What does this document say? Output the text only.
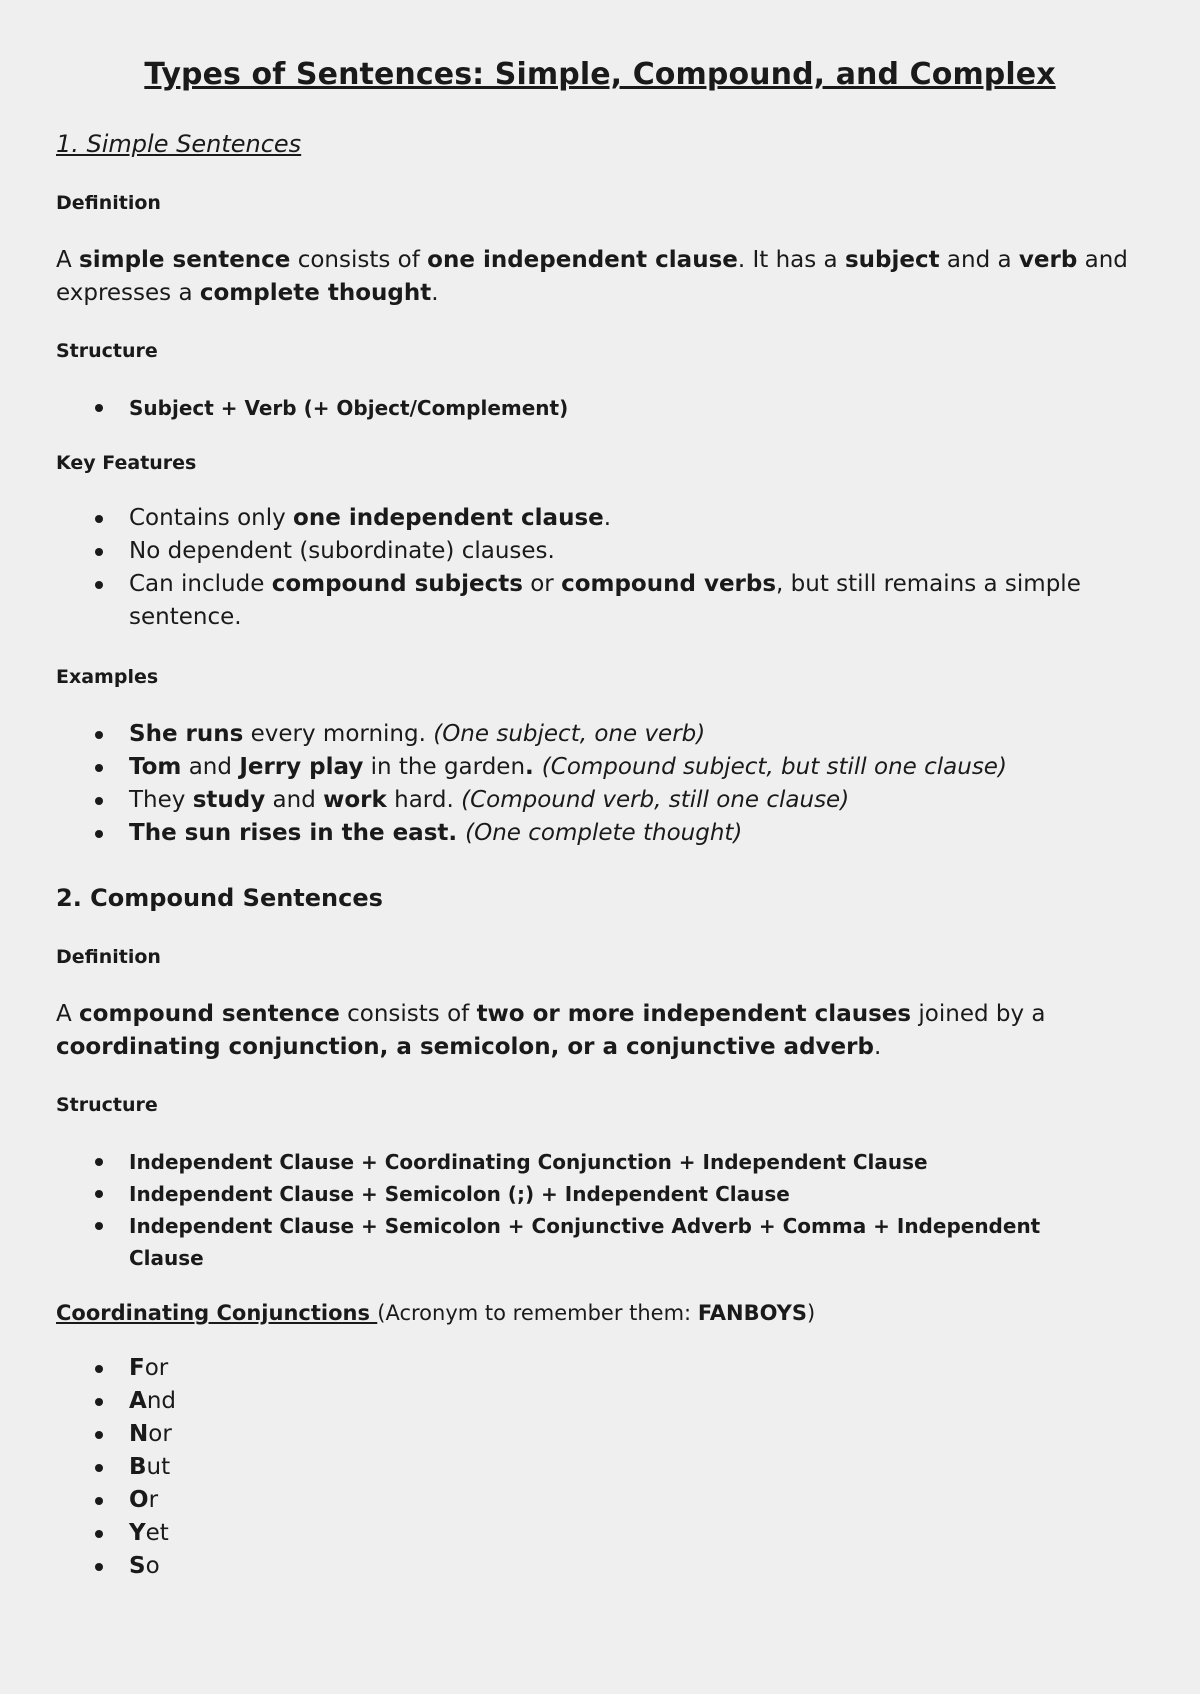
Types of Sentences: Simple, Compound, and Complex
1. Simple Sentences
Definition
A simple sentence consists of one independent clause. It has a subject and a verb and expresses a complete thought.
Structure
Subject + Verb (+ Object/Complement)
Key Features
Contains only one independent clause.
No dependent (subordinate) clauses.
Can include compound subjects or compound verbs, but still remains a simple sentence.
Examples
She runs every morning. (One subject, one verb)
Tom and Jerry play in the garden. (Compound subject, but still one clause)
They study and work hard. (Compound verb, still one clause)
The sun rises in the east. (One complete thought)
2. Compound Sentences
Definition
A compound sentence consists of two or more independent clauses joined by a coordinating conjunction, a semicolon, or a conjunctive adverb.
Structure
Independent Clause + Coordinating Conjunction + Independent Clause
Independent Clause + Semicolon (;) + Independent Clause
Independent Clause + Semicolon + Conjunctive Adverb + Comma + Independent Clause
Coordinating Conjunctions (Acronym to remember them: FANBOYS)
For
And
Nor
But
Or
Yet
So
